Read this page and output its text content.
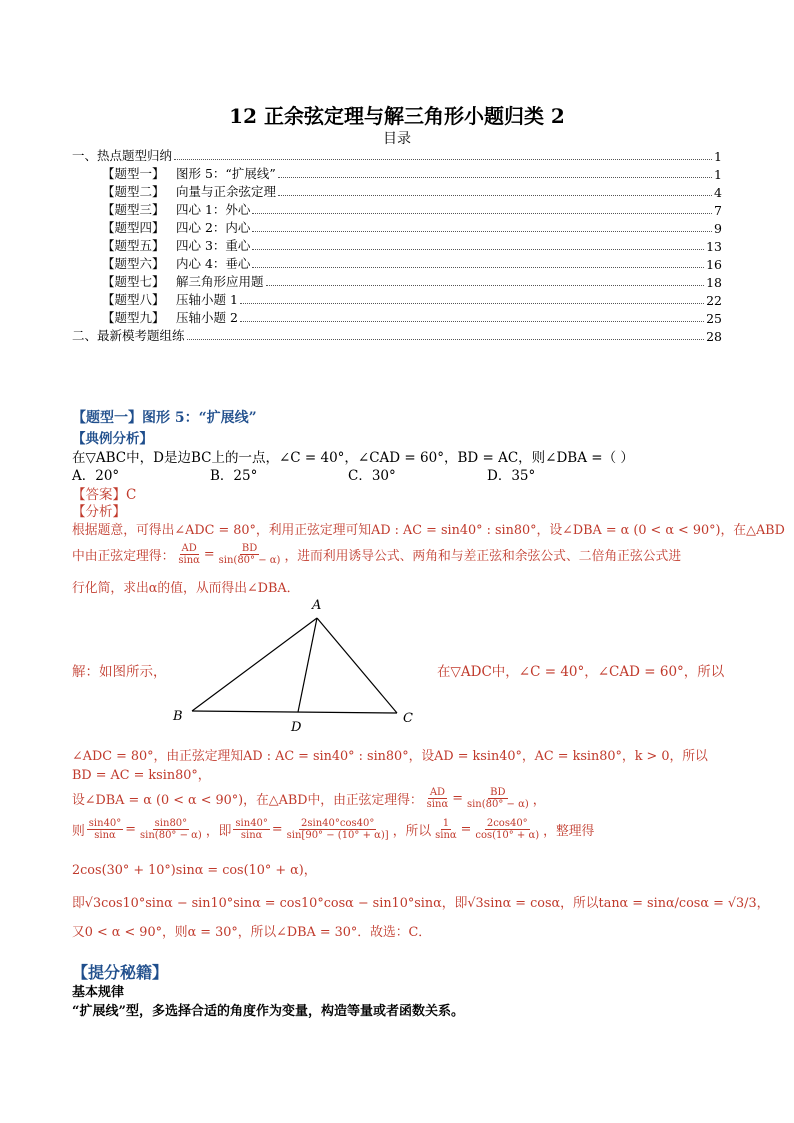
12 正余弦定理与解三角形小题归类 2
目录
一、热点题型归纳	1
【题型一】 图形 5：“扩展线”	1
【题型二】 向量与正余弦定理	4
【题型三】 四心 1：外心	7
【题型四】 四心 2：内心	9
【题型五】 四心 3：重心	13
【题型六】 内心 4：垂心	16
【题型七】 解三角形应用题	18
【题型八】 压轴小题 1	22
【题型九】 压轴小题 2	25
二、最新模考题组练	28
【题型一】图形 5：“扩展线”
【典例分析】
在▽ABC中，D是边BC上的一点，∠C = 40°，∠CAD = 60°，BD = AC，则∠DBA =（ ）
A．20°	B．25°	C．30°	D．35°
【答案】C
【分析】
根据题意，可得出∠ADC = 80°，利用正弦定理可知AD : AC = sin40° : sin80°，设∠DBA = α (0 < α < 90°)，在△ABD
中由正弦定理得： $\frac{AD}{\sin\alpha} = \frac{BD}{\sin(80^\circ - \alpha)}$ ，进而利用诱导公式、两角和与差正弦和余弦公式、二倍角正弦公式进
行化简，求出α的值，从而得出∠DBA．
解：如图所示，	在▽ADC中，∠C = 40°，∠CAD = 60°，所以
A
B	C
D
∠ADC = 80°，由正弦定理知AD : AC = sin40° : sin80°，设AD = ksin40°，AC = ksin80°，k > 0，所以
BD = AC = ksin80°，
设∠DBA = α (0 < α < 90°)，在△ABD中，由正弦定理得： $\frac{AD}{\sin\alpha} = \frac{BD}{\sin(80^\circ - \alpha)}$ ，
则 $\frac{\sin 40^\circ}{\sin\alpha} = \frac{\sin 80^\circ}{\sin(80^\circ - \alpha)}$ ，即 $\frac{\sin 40^\circ}{\sin\alpha} = \frac{2\sin 40^\circ\cos 40^\circ}{\sin[90^\circ - (10^\circ + \alpha)]}$ ，所以 $\frac{1}{\sin\alpha} = \frac{2\cos 40^\circ}{\cos(10^\circ + \alpha)}$ ，整理得
2cos(30° + 10°)sinα = cos(10° + α)，
即√3cos10°sinα − sin10°sinα = cos10°cosα − sin10°sinα，即√3sinα = cosα，所以tanα = sinα/cosα = √3/3，
又0 < α < 90°，则α = 30°，所以∠DBA = 30°．故选：C．
【提分秘籍】
基本规律
“扩展线”型，多选择合适的角度作为变量，构造等量或者函数关系。
